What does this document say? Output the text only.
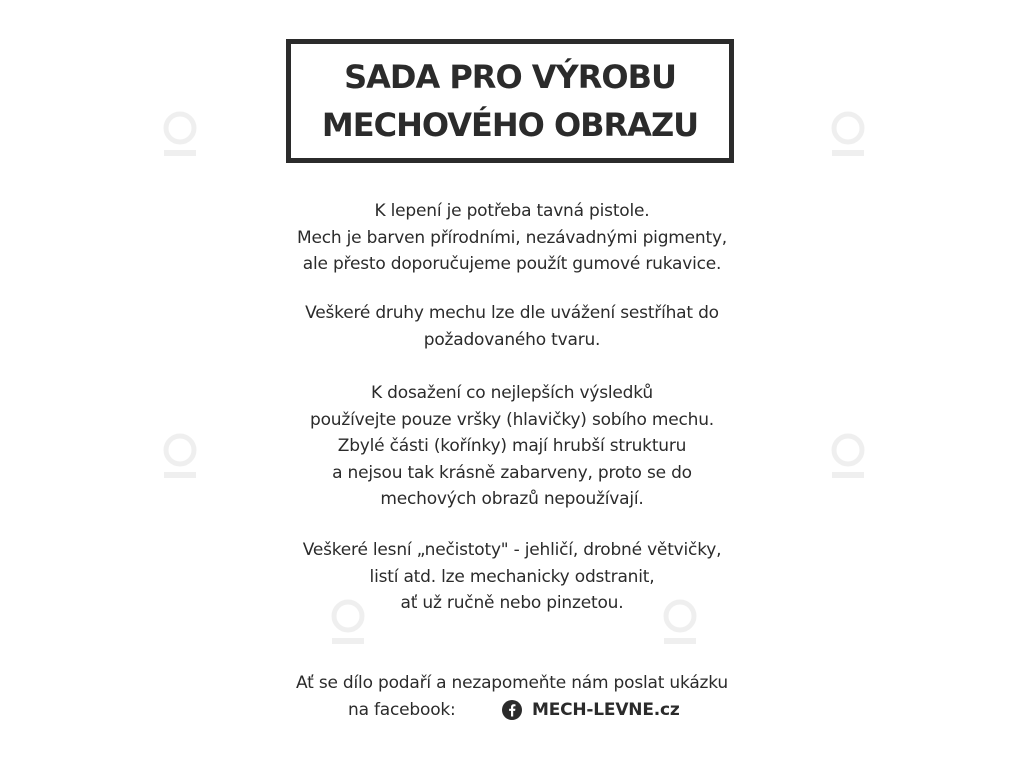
SADA PRO VÝROBU
MECHOVÉHO OBRAZU
K lepení je potřeba tavná pistole.
Mech je barven přírodními, nezávadnými pigmenty,
ale přesto doporučujeme použít gumové rukavice.
Veškeré druhy mechu lze dle uvážení sestříhat do
požadovaného tvaru.
K dosažení co nejlepších výsledků
používejte pouze vršky (hlavičky) sobího mechu.
Zbylé části (kořínky) mají hrubší strukturu
a nejsou tak krásně zabarveny, proto se do
mechových obrazů nepoužívají.
Veškeré lesní „nečistoty" - jehličí, drobné větvičky,
listí atd. lze mechanicky odstranit,
ať už ručně nebo pinzetou.
Ať se dílo podaří a nezapomeňte nám poslat ukázku
na facebook:	MECH-LEVNE.cz
